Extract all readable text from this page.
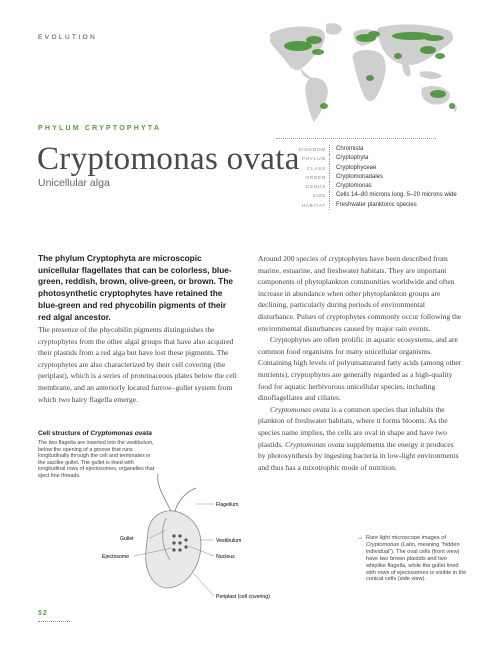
EVOLUTION
PHYLUM CRYPTOPHYTA
Cryptomonas ovata
Unicellular alga
KINGDOM	Chromista
PHYLUM	Cryptophyta
CLASS	Cryptophyceae
ORDER	Cryptomonadales
GENUS	Cryptomonas
SIZE	Cells 14–80 microns long, 5–20 microns wide
HABITAT	Freshwater planktonic species
The phylum Cryptophyta are microscopic unicellular flagellates that can be colorless, blue-green, reddish, brown, olive-green, or brown. The photosynthetic cryptophytes have retained the blue-green and red phycobilin pigments of their red algal ancestor.

The presence of the phycobilin pigments distinguishes the cryptophytes from the other algal groups that have also acquired their plastids from a red alga but have lost these pigments. The cryptophytes are also characterized by their cell covering (the periplast), which is a series of proteinaceous plates below the cell membrane, and an anteriorly located furrow–gullet system from which two hairy flagella emerge.

Around 200 species of cryptophytes have been described from marine, estuarine, and freshwater habitats. They are important components of phytoplankton communities worldwide and often increase in abundance when other phytoplankton groups are declining, particularly during periods of environmental disturbance. Pulses of cryptophytes commonly occur following the environmental disturbances caused by major rain events.

Cryptophytes are often prolific in aquatic ecosystems, and are common food organisms for many unicellular organisms. Containing high levels of polyunsaturated fatty acids (among other nutrients), cryptophytes are generally regarded as a high-quality food for aquatic herbivorous unicellular species, including dinoflagellates and ciliates.

Cryptomonas ovata is a common species that inhabits the plankton of freshwater habitats, where it forms blooms. As the species name implies, the cells are oval in shape and have two plastids. Cryptomonas ovata supplements the energy it produces by photosynthesis by ingesting bacteria in low-light environments and thus has a mixotrophic mode of nutrition.

Cell structure of Cryptomonas ovata
The two flagella are inserted into the vestibulum, below the opening of a groove that runs longitudinally through the cell and terminates in the saclike gullet. The gullet is lined with longitudinal rows of ejectosomes, organelles that eject fine threads.
Flagellum
Gullet	Vestibulum
Ejectosome	Nucleus
Periplast (cell covering)
→ Rare light microscope images of Cryptomonas (Latin, meaning “hidden individual”). The oval cells (front view) have two brown plastids and two whiplike flagella, while the gullet lined with rows of ejectosomes is visible in the conical cells (side view).
52
